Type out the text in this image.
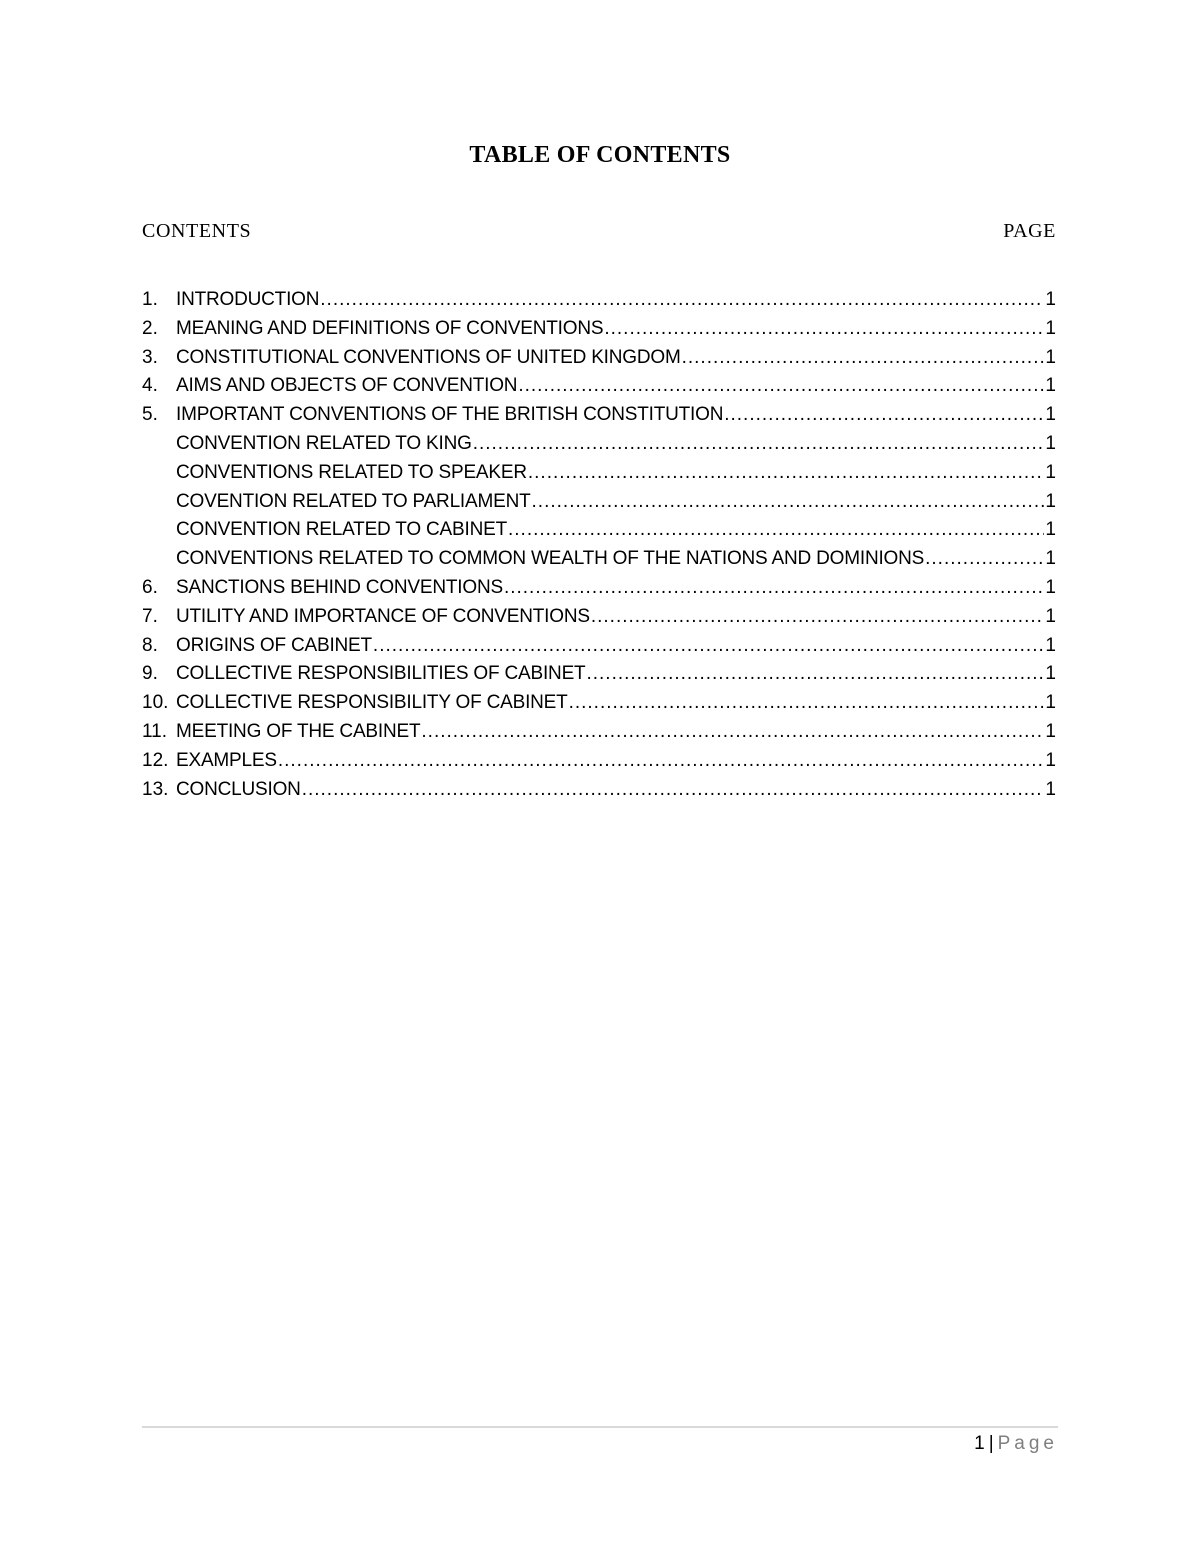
TABLE OF CONTENTS
CONTENTS	PAGE
1. INTRODUCTION .....	1
2. MEANING AND DEFINITIONS OF CONVENTIONS .....	1
3. CONSTITUTIONAL CONVENTIONS OF UNITED KINGDOM .....	1
4. AIMS AND OBJECTS OF CONVENTION .....	1
5. IMPORTANT CONVENTIONS OF THE BRITISH CONSTITUTION .....	1
CONVENTION RELATED TO KING .....	1
CONVENTIONS RELATED TO SPEAKER .....	1
COVENTION RELATED TO PARLIAMENT .....	1
CONVENTION RELATED TO CABINET .....	1
CONVENTIONS RELATED TO COMMON WEALTH OF THE NATIONS AND DOMINIONS .....	1
6. SANCTIONS BEHIND CONVENTIONS .....	1
7. UTILITY AND IMPORTANCE OF CONVENTIONS .....	1
8. ORIGINS OF CABINET .....	1
9. COLLECTIVE RESPONSIBILITIES OF CABINET .....	1
10. COLLECTIVE RESPONSIBILITY OF CABINET .....	1
11. MEETING OF THE CABINET .....	1
12. EXAMPLES .....	1
13. CONCLUSION .....	1
1 | Page
